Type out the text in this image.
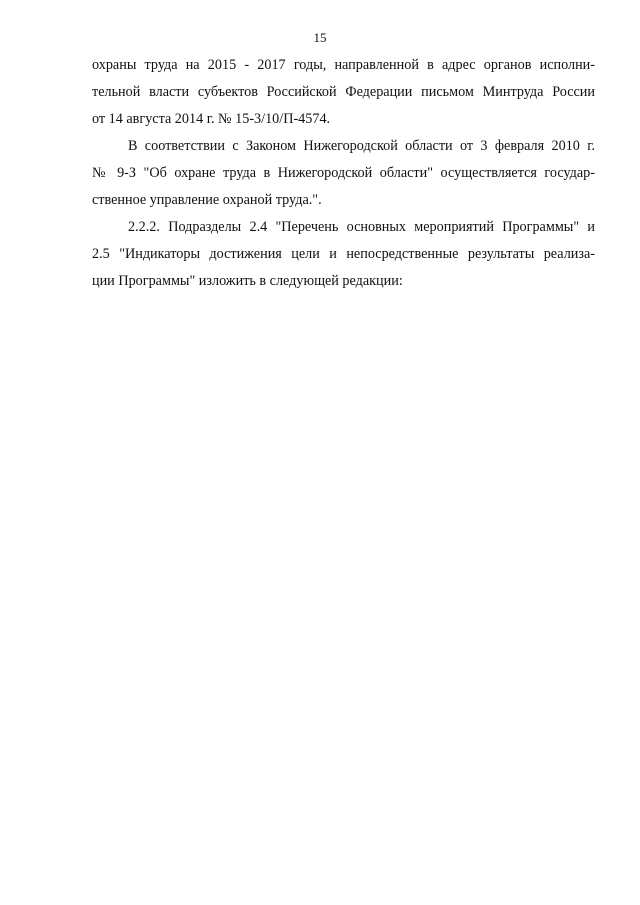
15
охраны труда на 2015 - 2017 годы, направленной в адрес органов исполни-
тельной власти субъектов Российской Федерации письмом Минтруда России
от 14 августа 2014 г. № 15-3/10/П-4574.
В соответствии с Законом Нижегородской области от 3 февраля 2010 г.
№ 9-З "Об охране труда в Нижегородской области" осуществляется государ-
ственное управление охраной труда.".
2.2.2. Подразделы 2.4 "Перечень основных мероприятий Программы" и
2.5 "Индикаторы достижения цели и непосредственные результаты реализа-
ции Программы" изложить в следующей редакции:
